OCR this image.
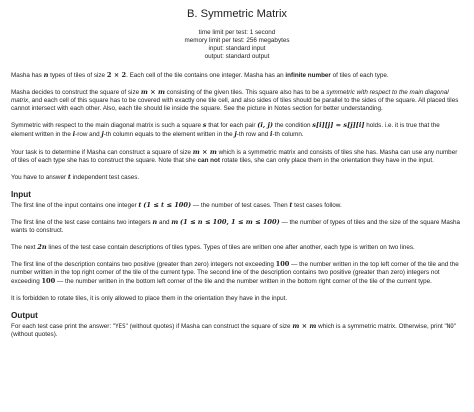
B. Symmetric Matrix
time limit per test: 1 second
memory limit per test: 256 megabytes
input: standard input
output: standard output

Masha has n types of tiles of size 2 × 2. Each cell of the tile contains one integer. Masha has an infinite number of tiles of each type.

Masha decides to construct the square of size m × m consisting of the given tiles. This square also has to be a symmetric with respect to the main diagonal matrix, and each cell of this square has to be covered with exactly one tile cell, and also sides of tiles should be parallel to the sides of the square. All placed tiles cannot intersect with each other. Also, each tile should lie inside the square. See the picture in Notes section for better understanding.

Symmetric with respect to the main diagonal matrix is such a square s that for each pair (i, j) the condition s[i][j] = s[j][i] holds. i.e. it is true that the element written in the i-row and j-th column equals to the element written in the j-th row and i-th column.

Your task is to determine if Masha can construct a square of size m × m which is a symmetric matrix and consists of tiles she has. Masha can use any number of tiles of each type she has to construct the square. Note that she can not rotate tiles, she can only place them in the orientation they have in the input.

You have to answer t independent test cases.

Input

The first line of the input contains one integer t (1 ≤ t ≤ 100) — the number of test cases. Then t test cases follow.

The first line of the test case contains two integers n and m (1 ≤ n ≤ 100, 1 ≤ m ≤ 100) — the number of types of tiles and the size of the square Masha wants to construct.

The next 2n lines of the test case contain descriptions of tiles types. Types of tiles are written one after another, each type is written on two lines.

The first line of the description contains two positive (greater than zero) integers not exceeding 100 — the number written in the top left corner of the tile and the number written in the top right corner of the tile of the current type. The second line of the description contains two positive (greater than zero) integers not exceeding 100 — the number written in the bottom left corner of the tile and the number written in the bottom right corner of the tile of the current type.

It is forbidden to rotate tiles, it is only allowed to place them in the orientation they have in the input.

Output

For each test case print the answer: "YES" (without quotes) if Masha can construct the square of size m × m which is a symmetric matrix. Otherwise, print "NO" (without quotes).
